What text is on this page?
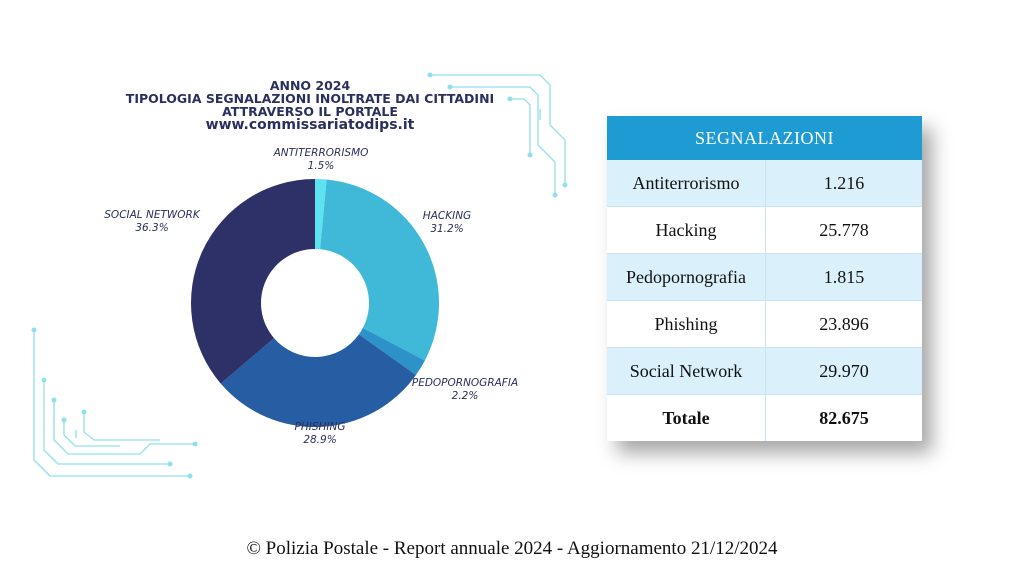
ANNO 2024
TIPOLOGIA SEGNALAZIONI INOLTRATE DAI CITTADINI
ATTRAVERSO IL PORTALE
www.commissariatodips.it
ANTITERRORISMO
1.5%
HACKING
31.2%
PEDOPORNOGRAFIA
2.2%
PHISHING
28.9%
SOCIAL NETWORK
36.3%
SEGNALAZIONI	
Antiterrorismo	1.216
Hacking	25.778
Pedopornografia	1.815
Phishing	23.896
Social Network	29.970
Totale	82.675
© Polizia Postale - Report annuale 2024 - Aggiornamento 21/12/2024
